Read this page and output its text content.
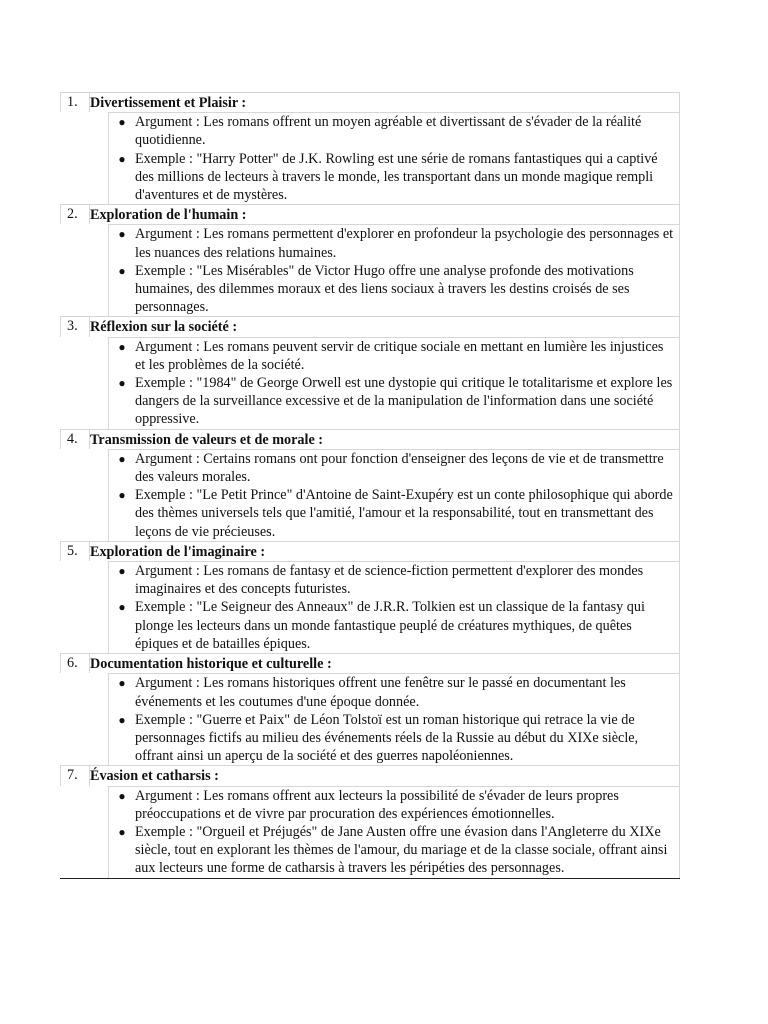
1. Divertissement et Plaisir :
● Argument : Les romans offrent un moyen agréable et divertissant de s'évader de la réalité quotidienne.
● Exemple : "Harry Potter" de J.K. Rowling est une série de romans fantastiques qui a captivé des millions de lecteurs à travers le monde, les transportant dans un monde magique rempli d'aventures et de mystères.
2. Exploration de l'humain :
● Argument : Les romans permettent d'explorer en profondeur la psychologie des personnages et les nuances des relations humaines.
● Exemple : "Les Misérables" de Victor Hugo offre une analyse profonde des motivations humaines, des dilemmes moraux et des liens sociaux à travers les destins croisés de ses personnages.
3. Réflexion sur la société :
● Argument : Les romans peuvent servir de critique sociale en mettant en lumière les injustices et les problèmes de la société.
● Exemple : "1984" de George Orwell est une dystopie qui critique le totalitarisme et explore les dangers de la surveillance excessive et de la manipulation de l'information dans une société oppressive.
4. Transmission de valeurs et de morale :
● Argument : Certains romans ont pour fonction d'enseigner des leçons de vie et de transmettre des valeurs morales.
● Exemple : "Le Petit Prince" d'Antoine de Saint-Exupéry est un conte philosophique qui aborde des thèmes universels tels que l'amitié, l'amour et la responsabilité, tout en transmettant des leçons de vie précieuses.
5. Exploration de l'imaginaire :
● Argument : Les romans de fantasy et de science-fiction permettent d'explorer des mondes imaginaires et des concepts futuristes.
● Exemple : "Le Seigneur des Anneaux" de J.R.R. Tolkien est un classique de la fantasy qui plonge les lecteurs dans un monde fantastique peuplé de créatures mythiques, de quêtes épiques et de batailles épiques.
6. Documentation historique et culturelle :
● Argument : Les romans historiques offrent une fenêtre sur le passé en documentant les événements et les coutumes d'une époque donnée.
● Exemple : "Guerre et Paix" de Léon Tolstoï est un roman historique qui retrace la vie de personnages fictifs au milieu des événements réels de la Russie au début du XIXe siècle, offrant ainsi un aperçu de la société et des guerres napoléoniennes.
7. Évasion et catharsis :
● Argument : Les romans offrent aux lecteurs la possibilité de s'évader de leurs propres préoccupations et de vivre par procuration des expériences émotionnelles.
● Exemple : "Orgueil et Préjugés" de Jane Austen offre une évasion dans l'Angleterre du XIXe siècle, tout en explorant les thèmes de l'amour, du mariage et de la classe sociale, offrant ainsi aux lecteurs une forme de catharsis à travers les péripéties des personnages.
